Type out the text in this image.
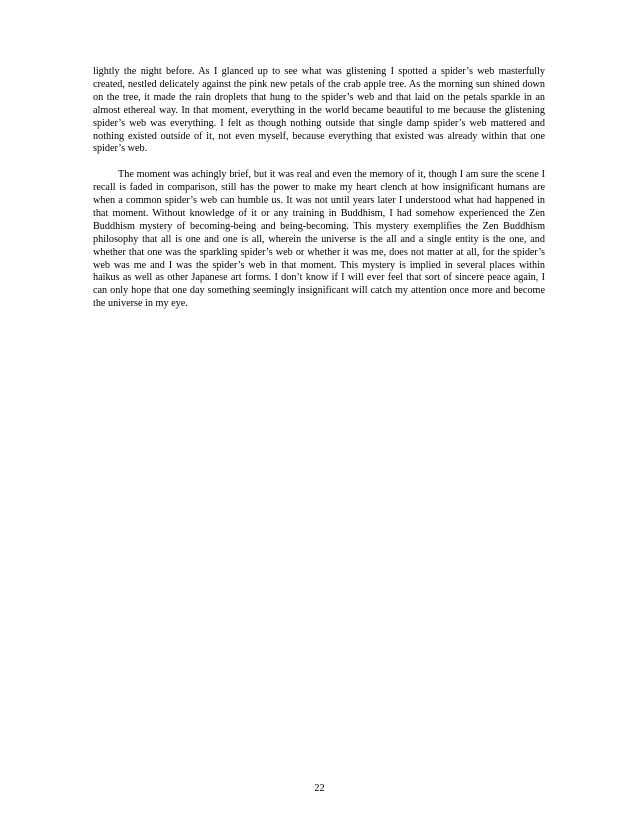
lightly the night before. As I glanced up to see what was glistening I spotted a spider’s web masterfully created, nestled delicately against the pink new petals of the crab apple tree. As the morning sun shined down on the tree, it made the rain droplets that hung to the spider’s web and that laid on the petals sparkle in an almost ethereal way. In that moment, everything in the world became beautiful to me because the glistening spider’s web was everything. I felt as though nothing outside that single damp spider’s web mattered and nothing existed outside of it, not even myself, because everything that existed was already within that one spider’s web.

The moment was achingly brief, but it was real and even the memory of it, though I am sure the scene I recall is faded in comparison, still has the power to make my heart clench at how insignificant humans are when a common spider’s web can humble us. It was not until years later I understood what had happened in that moment. Without knowledge of it or any training in Buddhism, I had somehow experienced the Zen Buddhism mystery of becoming-being and being-becoming. This mystery exemplifies the Zen Buddhism philosophy that all is one and one is all, wherein the universe is the all and a single entity is the one, and whether that one was the sparkling spider’s web or whether it was me, does not matter at all, for the spider’s web was me and I was the spider’s web in that moment. This mystery is implied in several places within haikus as well as other Japanese art forms. I don’t know if I will ever feel that sort of sincere peace again, I can only hope that one day something seemingly insignificant will catch my attention once more and become the universe in my eye.

22
